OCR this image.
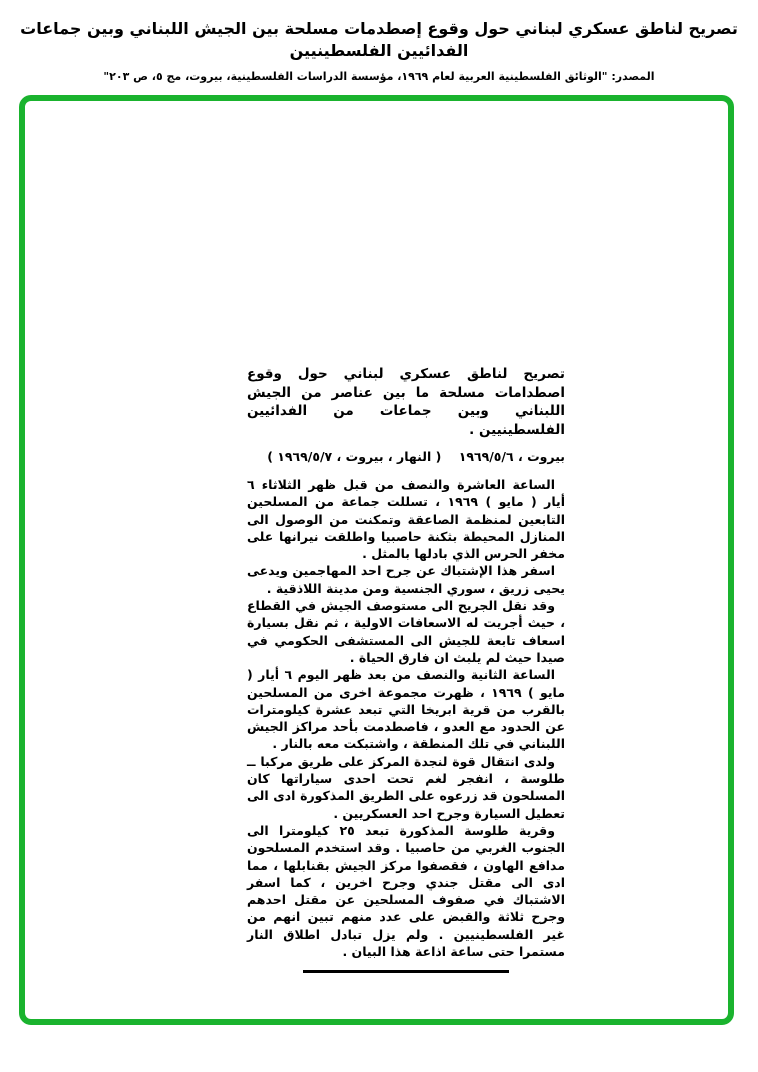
تصريح لناطق عسكري لبناني حول وقوع إصطدمات مسلحة بين الجيش اللبناني وبين جماعات الفدائيين الفلسطينيين
المصدر: "الوثائق الفلسطينية العربية لعام ١٩٦٩، مؤسسة الدراسات الفلسطينية، بيروت، مج ٥، ص ٢٠٣"

تصريح لناطق عسكري لبناني حول وقوع اصطدامات مسلحة ما بين عناصر من الجيش اللبناني وبين جماعات من الفدائيين الفلسطينيين .

بيروت ، ١٩٦٩/٥/٦    ( النهار ، بيروت ، ١٩٦٩/٥/٧ )

الساعة العاشرة والنصف من قبل ظهر الثلاثاء ٦ أيار ( مايو ) ١٩٦٩ ، تسللت جماعة من المسلحين التابعين لمنظمة الصاعقة وتمكنت من الوصول الى المنازل المحيطة بثكنة حاصبيا واطلقت نيرانها على مخفر الحرس الذي بادلها بالمثل .

اسفر هذا الإشتباك عن جرح احد المهاجمين ويدعى يحيى زريق ، سوري الجنسية ومن مدينة اللاذقية .

وقد نقل الجريح الى مستوصف الجيش في القطاع ، حيث أجريت له الاسعافات الاولية ، ثم نقل بسيارة اسعاف تابعة للجيش الى المستشفى الحكومي في صيدا حيث لم يلبث ان فارق الحياة .

الساعة الثانية والنصف من بعد ظهر اليوم ٦ أيار ( مايو ) ١٩٦٩ ، ظهرت مجموعة اخرى من المسلحين بالقرب من قرية ابريخا التي تبعد عشرة كيلومترات عن الحدود مع العدو ، فاصطدمت بأحد مراكز الجيش اللبناني في تلك المنطقة ، واشتبكت معه بالنار .

ولدى انتقال قوة لنجدة المركز على طريق مركبا ــ طلوسة ، انفجر لغم تحت احدى سياراتها كان المسلحون قد زرعوه على الطريق المذكورة ادى الى تعطيل السيارة وجرح احد العسكريين .

وقرية طلوسة المذكورة تبعد ٢٥ كيلومترا الى الجنوب الغربي من حاصبيا . وقد استخدم المسلحون مدافع الهاون ، فقصفوا مركز الجيش بقنابلها ، مما ادى الى مقتل جندي وجرح اخرين ، كما اسفر الاشتباك في صفوف المسلحين عن مقتل احدهم وجرح ثلاثة والقبض على عدد منهم تبين انهم من غير الفلسطينيين . ولم يزل تبادل اطلاق النار مستمرا حتى ساعة اذاعة هذا البيان .
